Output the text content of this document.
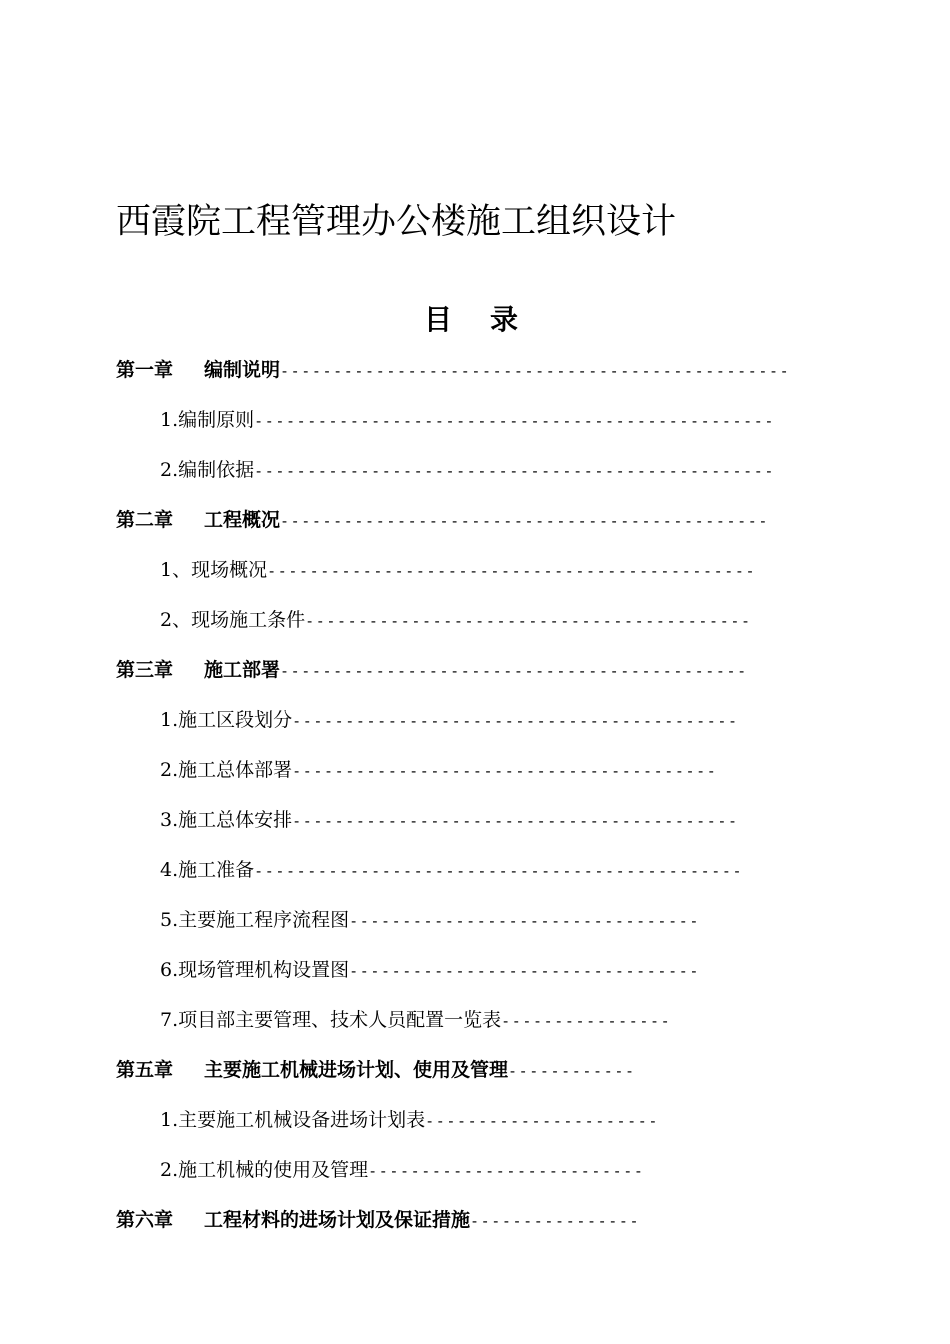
西霞院工程管理办公楼施工组织设计
目 录
第一章 编制说明------------------------------------------------
1.编制原则-------------------------------------------------
2.编制依据-------------------------------------------------
第二章 工程概况----------------------------------------------
1、现场概况----------------------------------------------
2、现场施工条件------------------------------------------
第三章 施工部署--------------------------------------------
1.施工区段划分------------------------------------------
2.施工总体部署----------------------------------------
3.施工总体安排------------------------------------------
4.施工准备----------------------------------------------
5.主要施工程序流程图---------------------------------
6.现场管理机构设置图---------------------------------
7.项目部主要管理、技术人员配置一览表----------------
第五章 主要施工机械进场计划、使用及管理------------
1.主要施工机械设备进场计划表----------------------
2.施工机械的使用及管理--------------------------
第六章 工程材料的进场计划及保证措施----------------
